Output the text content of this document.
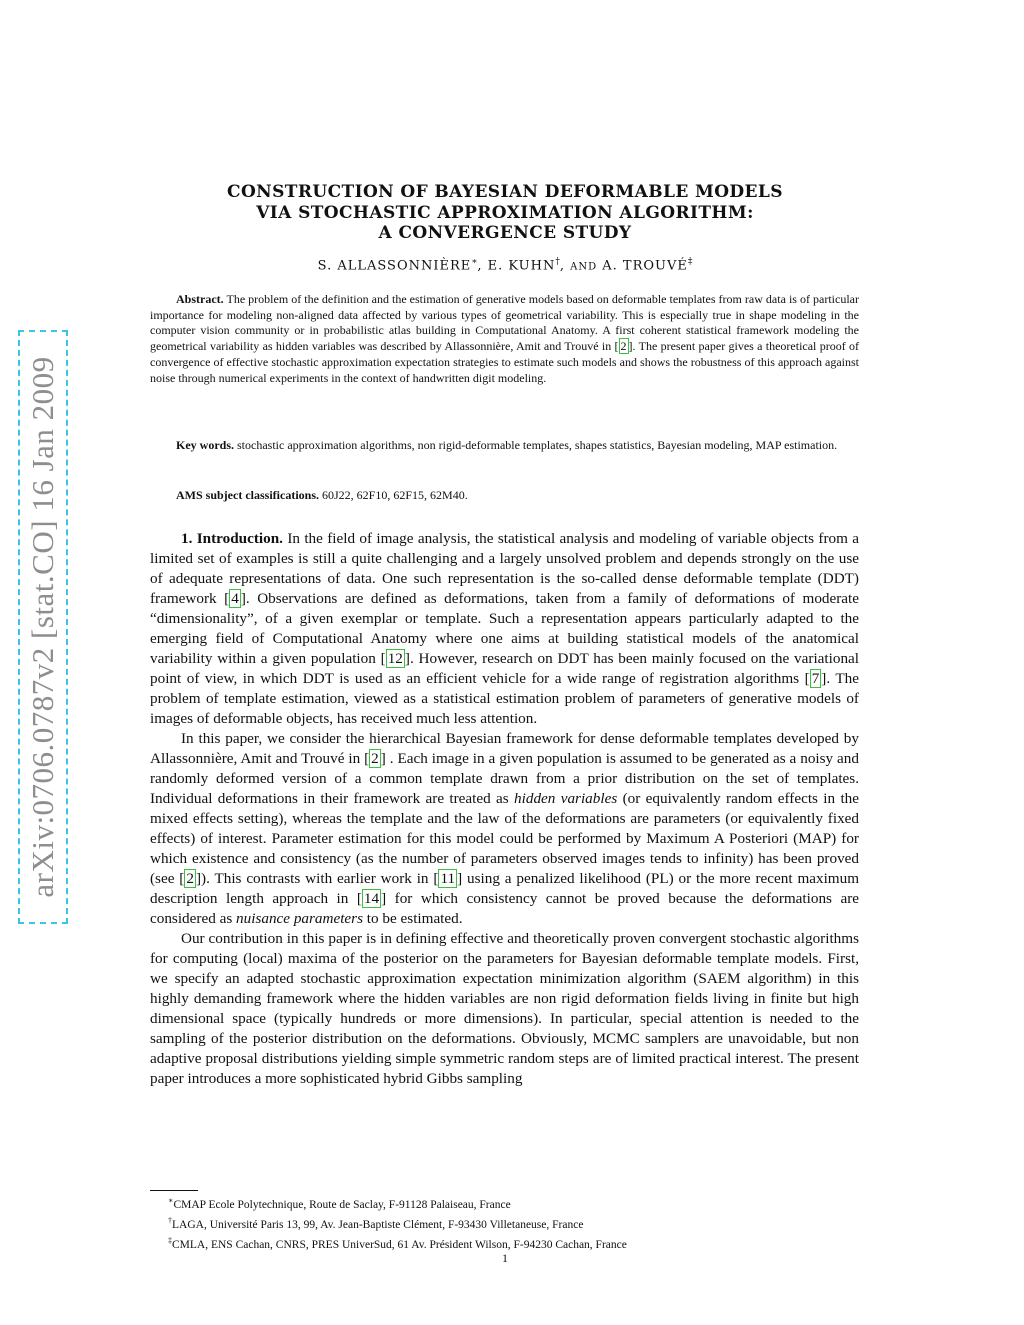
arXiv:0706.0787v2 [stat.CO] 16 Jan 2009
CONSTRUCTION OF BAYESIAN DEFORMABLE MODELS
VIA STOCHASTIC APPROXIMATION ALGORITHM:
A CONVERGENCE STUDY
S. ALLASSONNIÈRE∗, E. KUHN†, AND A. TROUVÉ‡
Abstract. The problem of the definition and the estimation of generative models based on deformable templates from raw data is of particular importance for modeling non-aligned data affected by various types of geometrical variability. This is especially true in shape modeling in the computer vision community or in probabilistic atlas building in Computational Anatomy. A first coherent statistical framework modeling the geometrical variability as hidden variables was described by Allassonnière, Amit and Trouvé in [ 2 ]. The present paper gives a theoretical proof of convergence of effective stochastic approximation expectation strategies to estimate such models and shows the robustness of this approach against noise through numerical experiments in the context of handwritten digit modeling.
Key words. stochastic approximation algorithms, non rigid-deformable templates, shapes statistics, Bayesian modeling, MAP estimation.
AMS subject classifications. 60J22, 62F10, 62F15, 62M40.

1. Introduction. In the field of image analysis, the statistical analysis and modeling of variable objects from a limited set of examples is still a quite challenging and a largely unsolved problem and depends strongly on the use of adequate representations of data. One such representation is the so-called dense deformable template (DDT) framework [ 4 ]. Observations are defined as deformations, taken from a family of deformations of moderate “dimensionality”, of a given exemplar or template. Such a representation appears particularly adapted to the emerging field of Computational Anatomy where one aims at building statistical models of the anatomical variability within a given population [ 12 ]. However, research on DDT has been mainly focused on the variational point of view, in which DDT is used as an efficient vehicle for a wide range of registration algorithms [ 7 ]. The problem of template estimation, viewed as a statistical estimation problem of parameters of generative models of images of deformable objects, has received much less attention.

In this paper, we consider the hierarchical Bayesian framework for dense deformable templates developed by Allassonnière, Amit and Trouvé in [ 2 ] . Each image in a given population is assumed to be generated as a noisy and randomly deformed version of a common template drawn from a prior distribution on the set of templates. Individual deformations in their framework are treated as hidden variables (or equivalently random effects in the mixed effects setting), whereas the template and the law of the deformations are parameters (or equivalently fixed effects) of interest. Parameter estimation for this model could be performed by Maximum A Posteriori (MAP) for which existence and consistency (as the number of parameters observed images tends to infinity) has been proved (see [ 2 ]). This contrasts with earlier work in [ 11 ] using a penalized likelihood (PL) or the more recent maximum description length approach in [ 14 ] for which consistency cannot be proved because the deformations are considered as nuisance parameters to be estimated.

Our contribution in this paper is in defining effective and theoretically proven convergent stochastic algorithms for computing (local) maxima of the posterior on the parameters for Bayesian deformable template models. First, we specify an adapted stochastic approximation expectation minimization algorithm (SAEM algorithm) in this highly demanding framework where the hidden variables are non rigid deformation fields living in finite but high dimensional space (typically hundreds or more dimensions). In particular, special attention is needed to the sampling of the posterior distribution on the deformations. Obviously, MCMC samplers are unavoidable, but non adaptive proposal distributions yielding simple symmetric random steps are of limited practical interest. The present paper introduces a more sophisticated hybrid Gibbs sampling

∗CMAP Ecole Polytechnique, Route de Saclay, F-91128 Palaiseau, France
†LAGA, Université Paris 13, 99, Av. Jean-Baptiste Clément, F-93430 Villetaneuse, France
‡CMLA, ENS Cachan, CNRS, PRES UniverSud, 61 Av. Président Wilson, F-94230 Cachan, France
1
